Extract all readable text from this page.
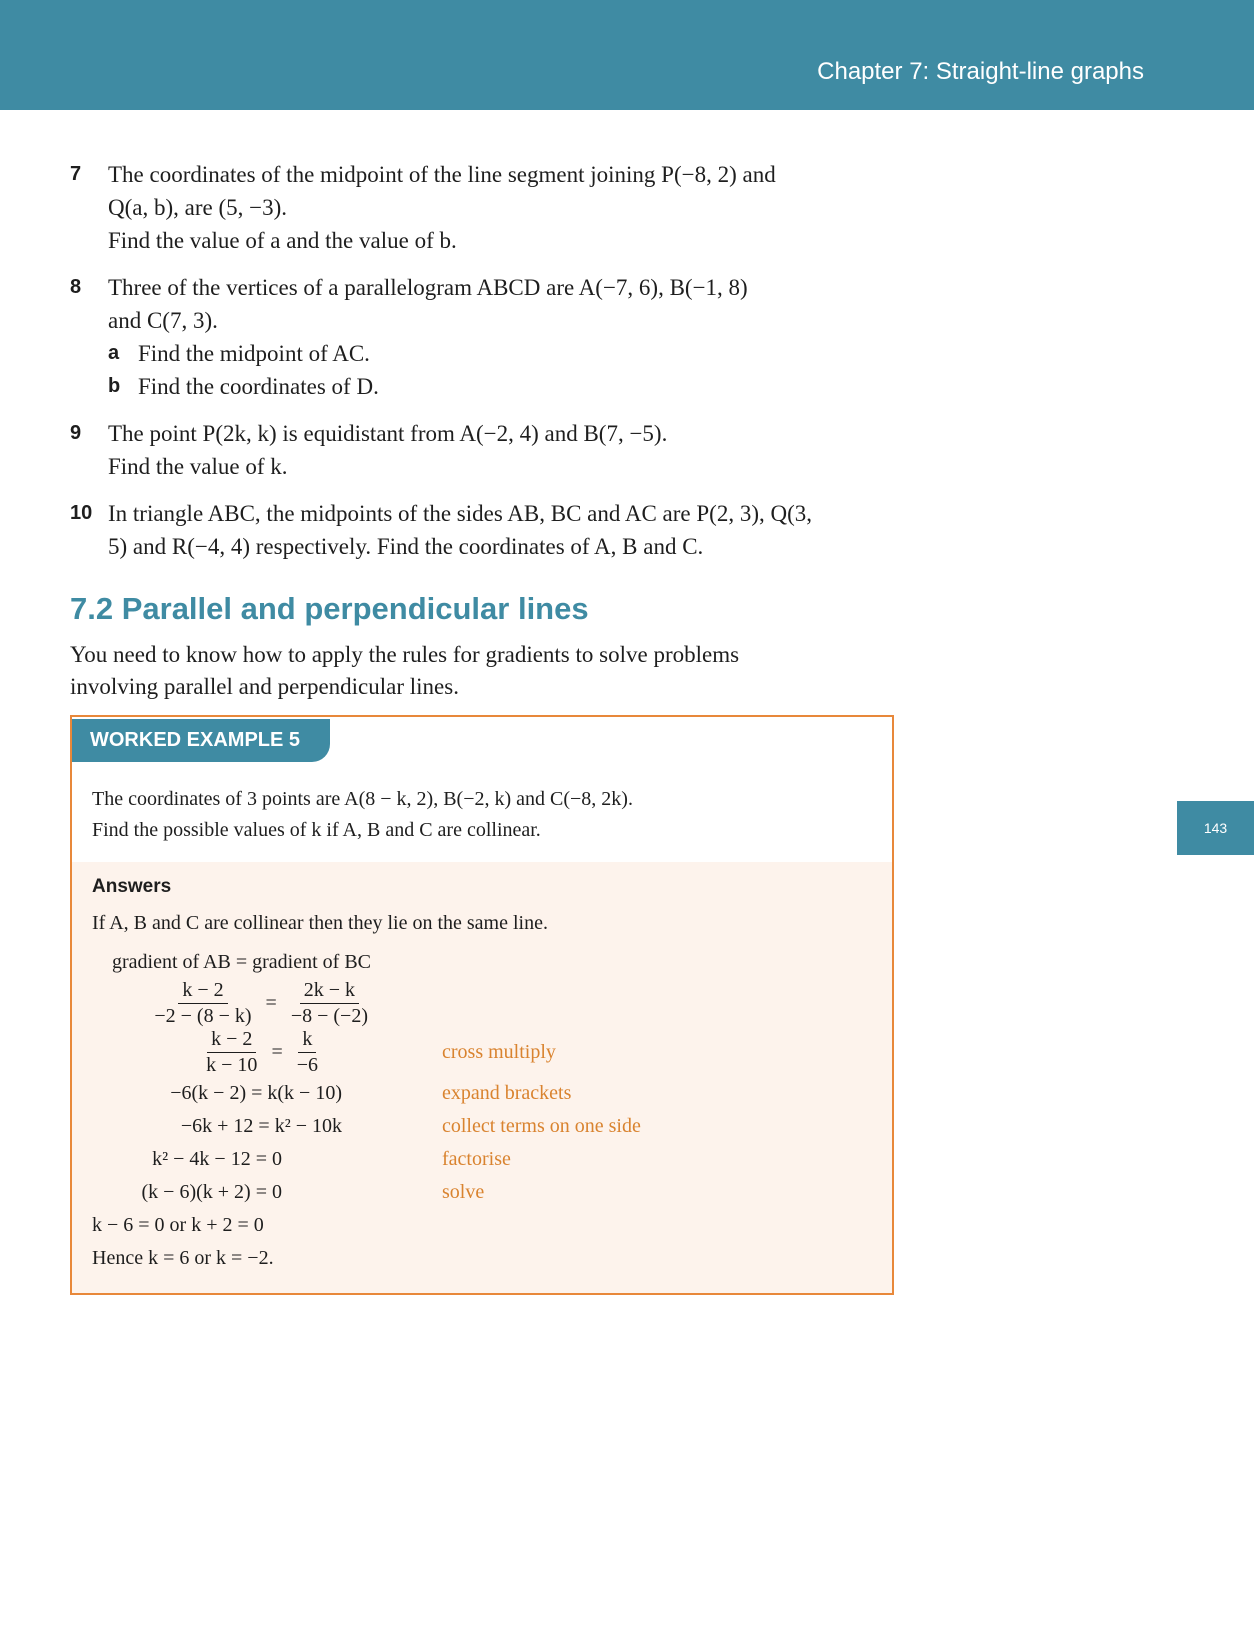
Chapter 7: Straight-line graphs
143
7	The coordinates of the midpoint of the line segment joining P(−8, 2) and
Q(a, b), are (5, −3).
Find the value of a and the value of b.
8	Three of the vertices of a parallelogram ABCD are A(−7, 6), B(−1, 8)
and C(7, 3).
a Find the midpoint of AC.
b Find the coordinates of D.
9	The point P(2k, k) is equidistant from A(−2, 4) and B(7, −5).
Find the value of k.
10 In triangle ABC, the midpoints of the sides AB, BC and AC are P(2, 3), Q(3,
5) and R(−4, 4) respectively. Find the coordinates of A, B and C.
7.2 Parallel and perpendicular lines
You need to know how to apply the rules for gradients to solve problems
involving parallel and perpendicular lines.
WORKED EXAMPLE 5
The coordinates of 3 points are A(8 − k, 2), B(−2, k) and C(−8, 2k).
Find the possible values of k if A, B and C are collinear.
Answers
If A, B and C are collinear then they lie on the same line.
gradient of AB = gradient of BC
$\frac{k - 2}{-2 - (8 - k)} = \frac{2k - k}{-8 - (-2)}$
$\frac{k - 2}{k - 10} = \frac{k}{-6}$	cross multiply
−6(k − 2) = k(k − 10)	expand brackets
−6k + 12 = k² − 10k	collect terms on one side
k² − 4k − 12 = 0	factorise
(k − 6)(k + 2) = 0	solve
k − 6 = 0 or k + 2 = 0
Hence k = 6 or k = −2.
